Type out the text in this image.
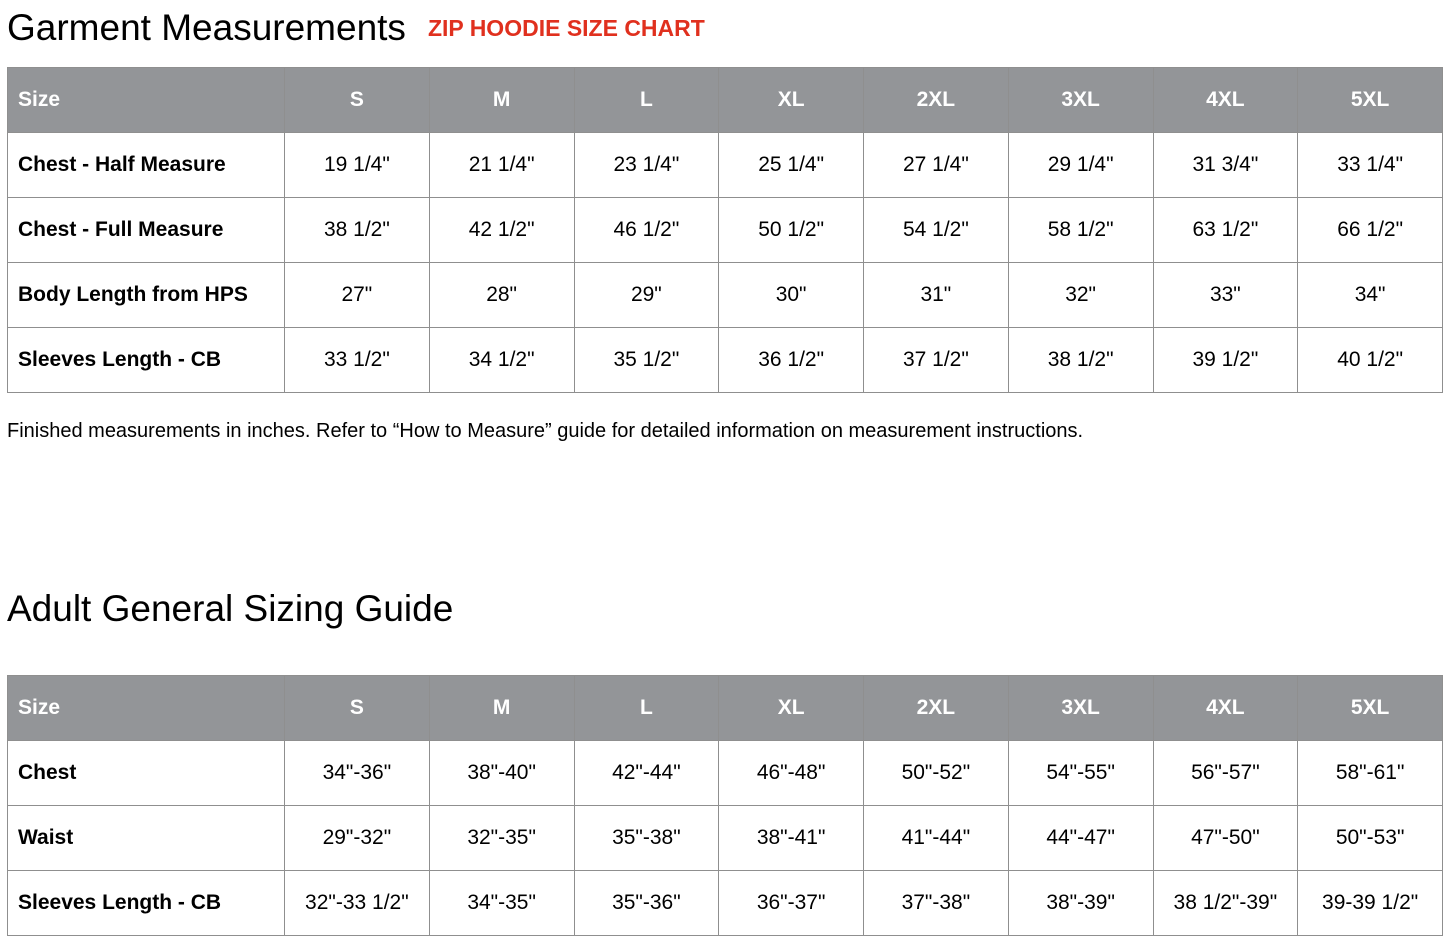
Garment Measurements ZIP HOODIE SIZE CHART
Size	S	M	L	XL	2XL	3XL	4XL	5XL
Chest - Half Measure	19 1/4"	21 1/4"	23 1/4"	25 1/4"	27 1/4"	29 1/4"	31 3/4"	33 1/4"
Chest - Full Measure	38 1/2"	42 1/2"	46 1/2"	50 1/2"	54 1/2"	58 1/2"	63 1/2"	66 1/2"
Body Length from HPS	27"	28"	29"	30"	31"	32"	33"	34"
Sleeves Length - CB	33 1/2"	34 1/2"	35 1/2"	36 1/2"	37 1/2"	38 1/2"	39 1/2"	40 1/2"

Finished measurements in inches. Refer to “How to Measure” guide for detailed information on measurement instructions.

Adult General Sizing Guide
Size	S	M	L	XL	2XL	3XL	4XL	5XL
Chest	34"-36"	38"-40"	42"-44"	46"-48"	50"-52"	54"-55"	56"-57"	58"-61"
Waist	29"-32"	32"-35"	35"-38"	38"-41"	41"-44"	44"-47"	47"-50"	50"-53"
Sleeves Length - CB	32"-33 1/2"	34"-35"	35"-36"	36"-37"	37"-38"	38"-39"	38 1/2"-39"	39-39 1/2"
